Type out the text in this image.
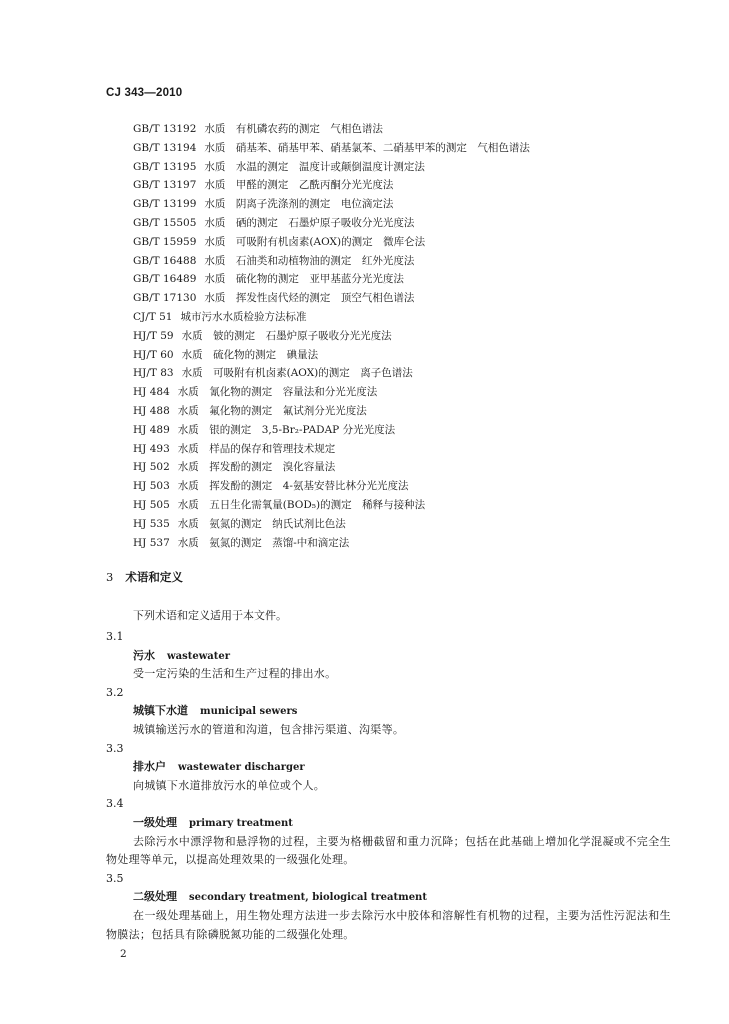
CJ 343—2010
GB/T 13192 水质　有机磷农药的测定　气相色谱法
GB/T 13194 水质　硝基苯、硝基甲苯、硝基氯苯、二硝基甲苯的测定　气相色谱法
GB/T 13195 水质　水温的测定　温度计或颠倒温度计测定法
GB/T 13197 水质　甲醛的测定　乙酰丙酮分光光度法
GB/T 13199 水质　阴离子洗涤剂的测定　电位滴定法
GB/T 15505 水质　硒的测定　石墨炉原子吸收分光光度法
GB/T 15959 水质　可吸附有机卤素(AOX)的测定　微库仑法
GB/T 16488 水质　石油类和动植物油的测定　红外光度法
GB/T 16489 水质　硫化物的测定　亚甲基蓝分光光度法
GB/T 17130 水质　挥发性卤代烃的测定　顶空气相色谱法
CJ/T 51 城市污水水质检验方法标准
HJ/T 59 水质　铍的测定　石墨炉原子吸收分光光度法
HJ/T 60 水质　硫化物的测定　碘量法
HJ/T 83 水质　可吸附有机卤素(AOX)的测定　离子色谱法
HJ 484 水质　氰化物的测定　容量法和分光光度法
HJ 488 水质　氟化物的测定　氟试剂分光光度法
HJ 489 水质　银的测定　3,5-Br₂-PADAP 分光光度法
HJ 493 水质　样品的保存和管理技术规定
HJ 502 水质　挥发酚的测定　溴化容量法
HJ 503 水质　挥发酚的测定　4-氨基安替比林分光光度法
HJ 505 水质　五日生化需氧量(BOD₅)的测定　稀释与接种法
HJ 535 水质　氨氮的测定　纳氏试剂比色法
HJ 537 水质　氨氮的测定　蒸馏-中和滴定法
3 术语和定义
下列术语和定义适用于本文件。
3.1
污水 wastewater
受一定污染的生活和生产过程的排出水。
3.2
城镇下水道 municipal sewers
城镇输送污水的管道和沟道，包含排污渠道、沟渠等。
3.3
排水户 wastewater discharger
向城镇下水道排放污水的单位或个人。
3.4
一级处理 primary treatment
去除污水中漂浮物和悬浮物的过程，主要为格栅截留和重力沉降；包括在此基础上增加化学混凝或不完全生物处理等单元，以提高处理效果的一级强化处理。
3.5
二级处理 secondary treatment, biological treatment
在一级处理基础上，用生物处理方法进一步去除污水中胶体和溶解性有机物的过程，主要为活性污泥法和生物膜法；包括具有除磷脱氮功能的二级强化处理。
2
